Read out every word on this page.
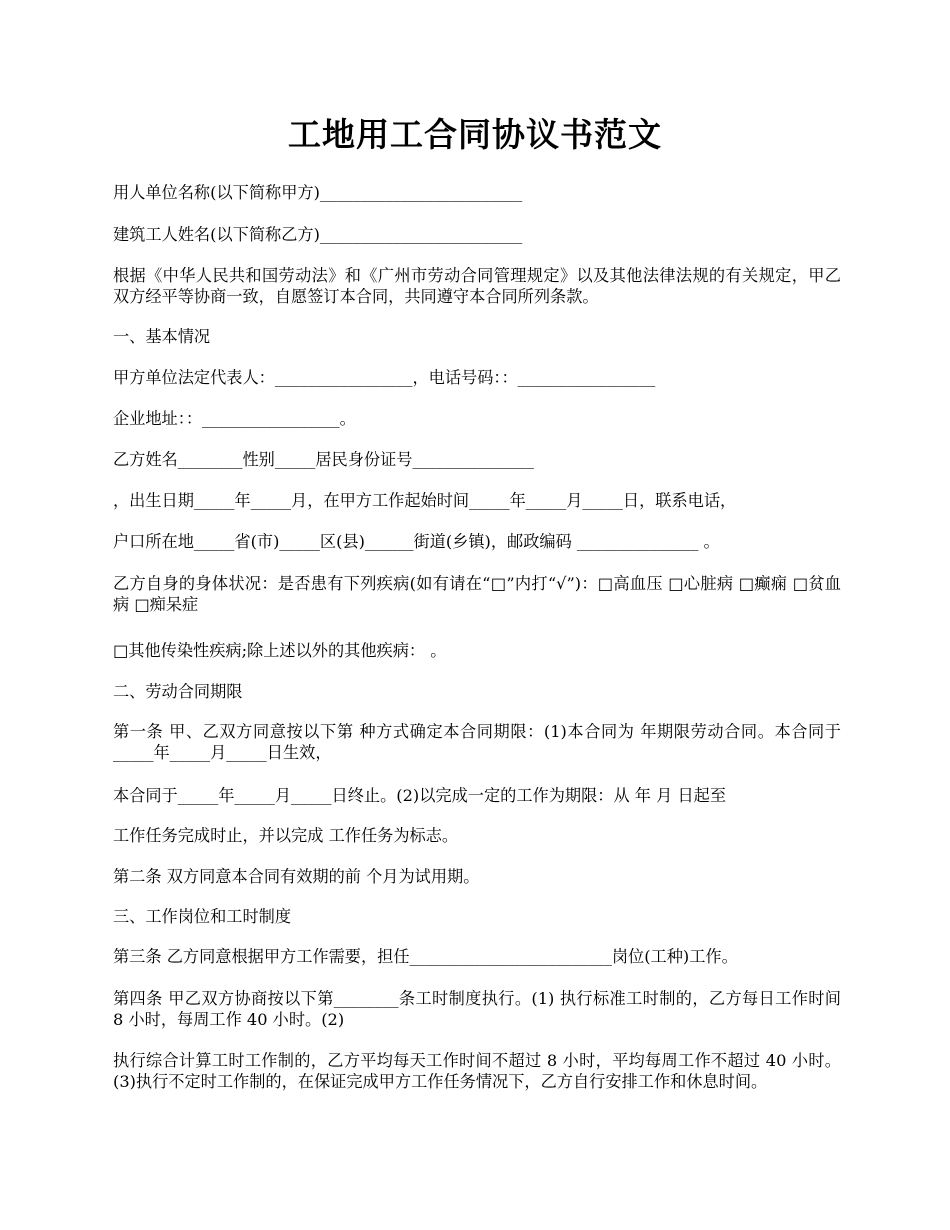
工地用工合同协议书范文
用人单位名称(以下简称甲方)_________________________
建筑工人姓名(以下简称乙方)_________________________
根据《中华人民共和国劳动法》和《广州市劳动合同管理规定》以及其他法律法规的有关规定，甲乙双方经平等协商一致，自愿签订本合同，共同遵守本合同所列条款。
一、基本情况
甲方单位法定代表人：_________________，电话号码：：_________________
企业地址：：_________________。
乙方姓名________性别_____居民身份证号_______________
，出生日期_____年_____月，在甲方工作起始时间_____年_____月_____日，联系电话，
户口所在地_____省(市)_____区(县)______街道(乡镇)，邮政编码 _______________ 。
乙方自身的身体状况：是否患有下列疾病(如有请在“□”内打“√”)：□高血压 □心脏病 □癫痫 □贫血病 □痴呆症
□其他传染性疾病;除上述以外的其他疾病： 。
二、劳动合同期限
第一条 甲、乙双方同意按以下第 种方式确定本合同期限：(1)本合同为 年期限劳动合同。本合同于_____年_____月_____日生效，
本合同于_____年_____月_____日终止。(2)以完成一定的工作为期限：从 年 月 日起至
工作任务完成时止，并以完成 工作任务为标志。
第二条 双方同意本合同有效期的前 个月为试用期。
三、工作岗位和工时制度
第三条 乙方同意根据甲方工作需要，担任_________________________岗位(工种)工作。
第四条 甲乙双方协商按以下第________条工时制度执行。(1) 执行标准工时制的，乙方每日工作时间 8 小时，每周工作 40 小时。(2)
执行综合计算工时工作制的，乙方平均每天工作时间不超过 8 小时，平均每周工作不超过 40 小时。(3)执行不定时工作制的，在保证完成甲方工作任务情况下，乙方自行安排工作和休息时间。
